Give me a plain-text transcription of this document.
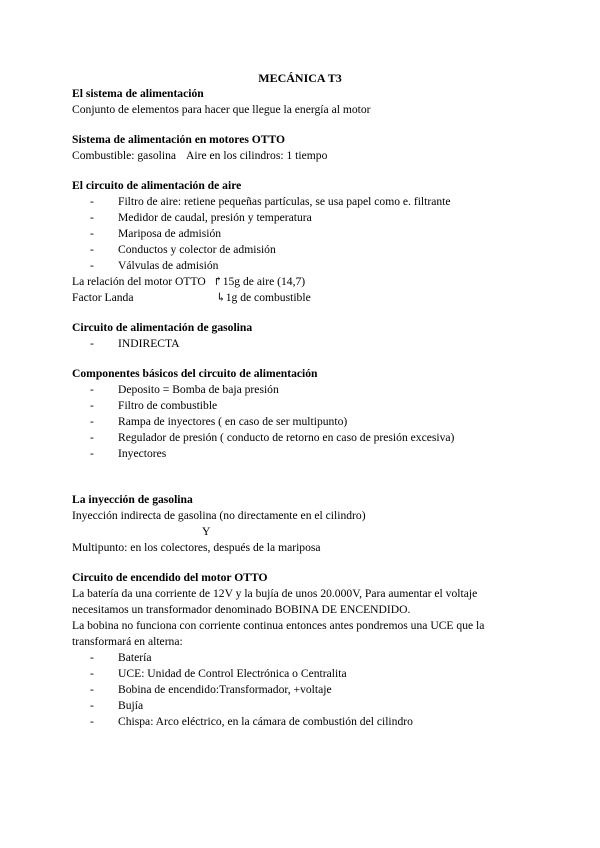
MECÁNICA T3
El sistema de alimentación

Conjunto de elementos para hacer que llegue la energía al motor

Sistema de alimentación en motores OTTO

Combustible: gasolina Aire en los cilindros: 1 tiempo

El circuito de alimentación de aire
- Filtro de aire: retiene pequeñas partículas, se usa papel como e. filtrante
- Medidor de caudal, presión y temperatura
- Mariposa de admisión
- Conductos y colector de admisión
- Válvulas de admisión
La relación del motor OTTO ↱15g de aire (14,7)
Factor Landa	↳1g de combustible
Circuito de alimentación de gasolina
- INDIRECTA
Componentes básicos del circuito de alimentación
- Deposito = Bomba de baja presión
- Filtro de combustible
- Rampa de inyectores ( en caso de ser multipunto)
- Regulador de presión ( conducto de retorno en caso de presión excesiva)
- Inyectores
La inyección de gasolina

Inyección indirecta de gasolina (no directamente en el cilindro)

Y

Multipunto: en los colectores, después de la mariposa

Circuito de encendido del motor OTTO

La batería da una corriente de 12V y la bujía de unos 20.000V, Para aumentar el voltaje necesitamos un transformador denominado BOBINA DE ENCENDIDO.

La bobina no funciona con corriente continua entonces antes pondremos una UCE que la transformará en alterna:

- Batería
- UCE: Unidad de Control Electrónica o Centralita
- Bobina de encendido:Transformador, +voltaje
- Bujía
- Chispa: Arco eléctrico, en la cámara de combustión del cilindro
